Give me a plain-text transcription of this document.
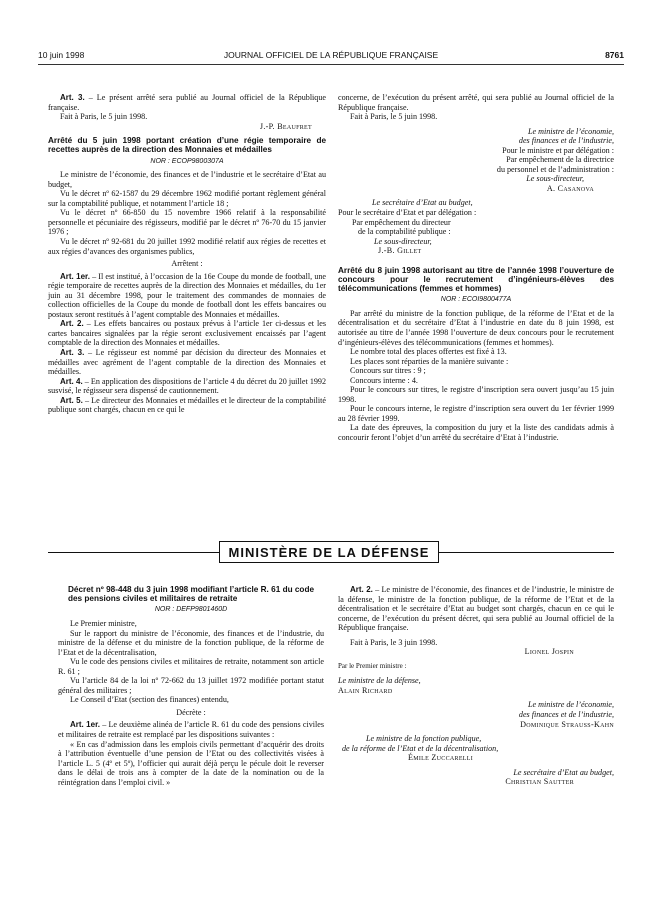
10 juin 1998	JOURNAL OFFICIEL DE LA RÉPUBLIQUE FRANÇAISE	8761

Art. 3. – Le présent arrêté sera publié au Journal officiel de la République française.

Fait à Paris, le 5 juin 1998.

J.-P. Beaufret

Arrêté du 5 juin 1998 portant création d’une régie temporaire de recettes auprès de la direction des Monnaies et médailles

NOR : ECOP9800307A

Le ministre de l’économie, des finances et de l’industrie et le secrétaire d’Etat au budget,

Vu le décret nº 62-1587 du 29 décembre 1962 modifié portant règlement général sur la comptabilité publique, et notamment l’article 18 ;

Vu le décret nº 66-850 du 15 novembre 1966 relatif à la responsabilité personnelle et pécuniaire des régisseurs, modifié par le décret nº 76-70 du 15 janvier 1976 ;

Vu le décret nº 92-681 du 20 juillet 1992 modifié relatif aux régies de recettes et aux régies d’avances des organismes publics,

Arrêtent :

Art. 1er. – Il est institué, à l’occasion de la 16e Coupe du monde de football, une régie temporaire de recettes auprès de la direction des Monnaies et médailles, du 1er juin au 31 décembre 1998, pour le traitement des commandes de monnaies de collection officielles de la Coupe du monde de football dont les effets bancaires ou postaux seront restitués à l’agent comptable des Monnaies et médailles.

Art. 2. – Les effets bancaires ou postaux prévus à l’article 1er ci-dessus et les cartes bancaires signalées par la régie seront exclusivement encaissés par l’agent comptable de la direction des Monnaies et médailles.

Art. 3. – Le régisseur est nommé par décision du directeur des Monnaies et médailles avec agrément de l’agent comptable de la direction des Monnaies et médailles.

Art. 4. – En application des dispositions de l’article 4 du décret du 20 juillet 1992 susvisé, le régisseur sera dispensé de cautionnement.

Art. 5. – Le directeur des Monnaies et médailles et le directeur de la comptabilité publique sont chargés, chacun en ce qui le

concerne, de l’exécution du présent arrêté, qui sera publié au Journal officiel de la République française.

Fait à Paris, le 5 juin 1998.

Le ministre de l’économie,

des finances et de l’industrie,

Pour le ministre et par délégation :

Par empêchement de la directrice

du personnel et de l’administration :

Le sous-directeur,

A. Casanova

Le secrétaire d’Etat au budget,

Pour le secrétaire d’Etat et par délégation :

Par empêchement du directeur

de la comptabilité publique :

Le sous-directeur,

J.-B. Gillet

Arrêté du 8 juin 1998 autorisant au titre de l’année 1998 l’ouverture de concours pour le recrutement d’ingénieurs-élèves des télécommunications (femmes et hommes)

NOR : ECOI9800477A

Par arrêté du ministre de la fonction publique, de la réforme de l’Etat et de la décentralisation et du secrétaire d’Etat à l’industrie en date du 8 juin 1998, est autorisée au titre de l’année 1998 l’ouverture de deux concours pour le recrutement d’ingénieurs-élèves des télécommunications (femmes et hommes).

Le nombre total des places offertes est fixé à 13.

Les places sont réparties de la manière suivante :

Concours sur titres : 9 ;

Concours interne : 4.

Pour le concours sur titres, le registre d’inscription sera ouvert jusqu’au 15 juin 1998.

Pour le concours interne, le registre d’inscription sera ouvert du 1er février 1999 au 28 février 1999.

La date des épreuves, la composition du jury et la liste des candidats admis à concourir feront l’objet d’un arrêté du secrétaire d’Etat à l’industrie.

MINISTÈRE DE LA DÉFENSE

Décret nº 98-448 du 3 juin 1998 modifiant l’article R. 61 du code des pensions civiles et militaires de retraite

NOR : DEFP9801460D

Le Premier ministre,

Sur le rapport du ministre de l’économie, des finances et de l’industrie, du ministre de la défense et du ministre de la fonction publique, de la réforme de l’Etat et de la décentralisation,

Vu le code des pensions civiles et militaires de retraite, notamment son article R. 61 ;

Vu l’article 84 de la loi nº 72-662 du 13 juillet 1972 modifiée portant statut général des militaires ;

Le Conseil d’Etat (section des finances) entendu,

Décrète :

Art. 1er. – Le deuxième alinéa de l’article R. 61 du code des pensions civiles et militaires de retraite est remplacé par les dispositions suivantes :

« En cas d’admission dans les emplois civils permettant d’acquérir des droits à l’attribution éventuelle d’une pension de l’Etat ou des collectivités visées à l’article L. 5 (4º et 5º), l’officier qui aurait déjà perçu le pécule doit le reverser dans le délai de trois ans à compter de la date de la nomination ou de la réintégration dans l’emploi civil. »

Art. 2. – Le ministre de l’économie, des finances et de l’industrie, le ministre de la défense, le ministre de la fonction publique, de la réforme de l’Etat et de la décentralisation et le secrétaire d’Etat au budget sont chargés, chacun en ce qui le concerne, de l’exécution du présent décret, qui sera publié au Journal officiel de la République française.

Fait à Paris, le 3 juin 1998.

Lionel Jospin

Par le Premier ministre :

Le ministre de la défense,

Alain Richard

Le ministre de l’économie,

des finances et de l’industrie,

Dominique Strauss-Kahn

Le ministre de la fonction publique,

de la réforme de l’Etat et de la décentralisation,

Émile Zuccarelli

Le secrétaire d’Etat au budget,

Christian Sautter
